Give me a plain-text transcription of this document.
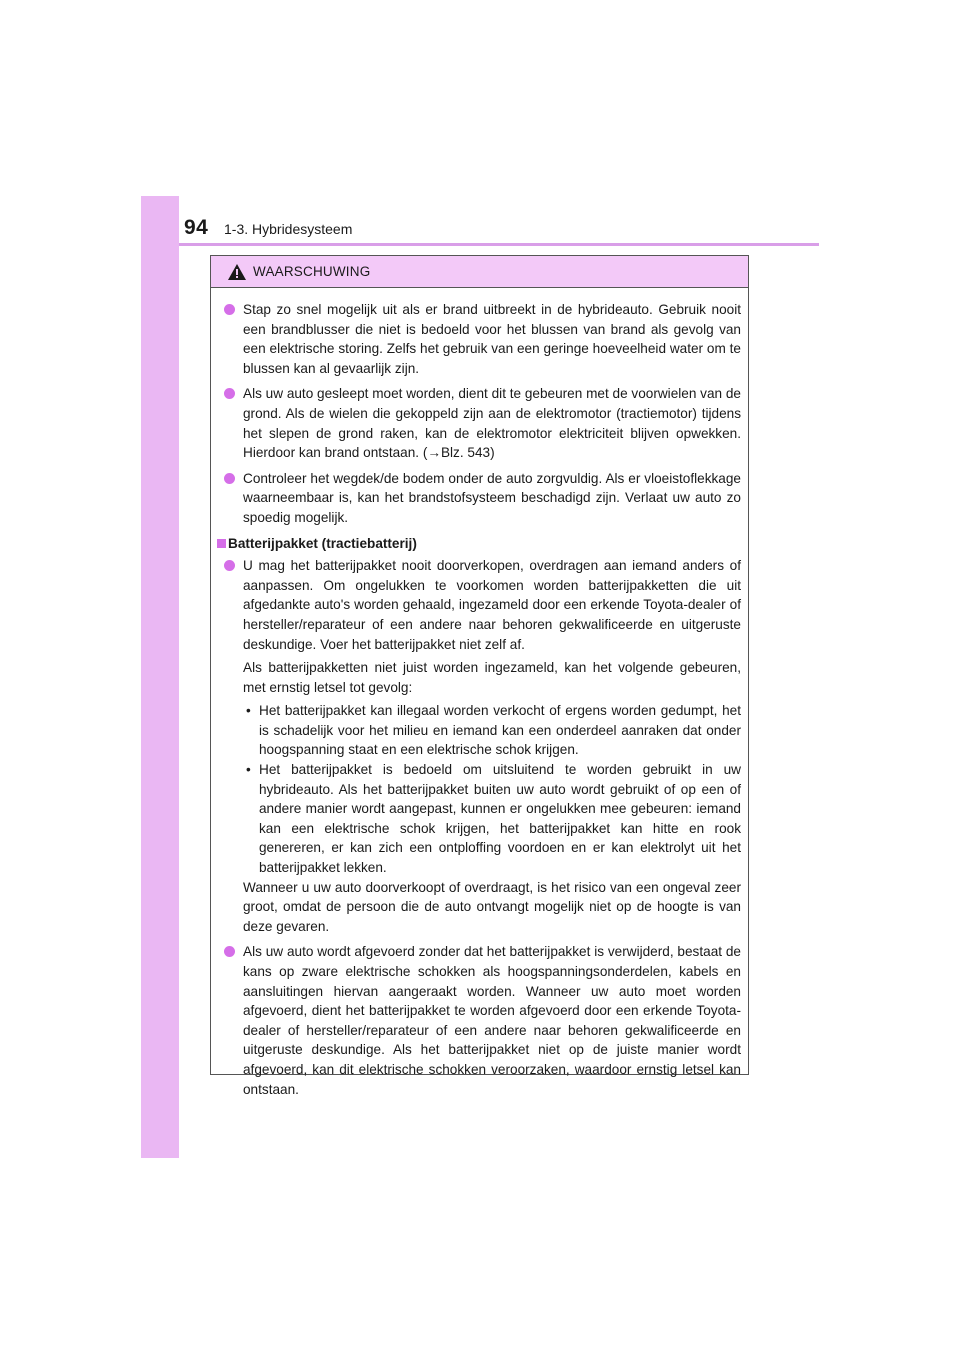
94 1-3. Hybridesysteem
WAARSCHUWING
Stap zo snel mogelijk uit als er brand uitbreekt in de hybrideauto. Gebruik nooit een brandblusser die niet is bedoeld voor het blussen van brand als gevolg van een elektrische storing. Zelfs het gebruik van een geringe hoeveelheid water om te blussen kan al gevaarlijk zijn.
Als uw auto gesleept moet worden, dient dit te gebeuren met de voorwielen van de grond. Als de wielen die gekoppeld zijn aan de elektromotor (tractiemotor) tijdens het slepen de grond raken, kan de elektromotor elektriciteit blijven opwekken. Hierdoor kan brand ontstaan. (→Blz. 543)
Controleer het wegdek/de bodem onder de auto zorgvuldig. Als er vloeistoflekkage waarneembaar is, kan het brandstofsysteem beschadigd zijn. Verlaat uw auto zo spoedig mogelijk.
Batterijpakket (tractiebatterij)
U mag het batterijpakket nooit doorverkopen, overdragen aan iemand anders of aanpassen. Om ongelukken te voorkomen worden batterijpakketten die uit afgedankte auto's worden gehaald, ingezameld door een erkende Toyota-dealer of hersteller/reparateur of een andere naar behoren gekwalificeerde en uitgeruste deskundige. Voer het batterijpakket niet zelf af.
Als batterijpakketten niet juist worden ingezameld, kan het volgende gebeuren, met ernstig letsel tot gevolg:
• Het batterijpakket kan illegaal worden verkocht of ergens worden gedumpt, het is schadelijk voor het milieu en iemand kan een onderdeel aanraken dat onder hoogspanning staat en een elektrische schok krijgen.
• Het batterijpakket is bedoeld om uitsluitend te worden gebruikt in uw hybrideauto. Als het batterijpakket buiten uw auto wordt gebruikt of op een of andere manier wordt aangepast, kunnen er ongelukken mee gebeuren: iemand kan een elektrische schok krijgen, het batterijpakket kan hitte en rook genereren, er kan zich een ontploffing voordoen en er kan elektrolyt uit het batterijpakket lekken.
Wanneer u uw auto doorverkoopt of overdraagt, is het risico van een ongeval zeer groot, omdat de persoon die de auto ontvangt mogelijk niet op de hoogte is van deze gevaren.
Als uw auto wordt afgevoerd zonder dat het batterijpakket is verwijderd, bestaat de kans op zware elektrische schokken als hoogspanningsonderdelen, kabels en aansluitingen hiervan aangeraakt worden. Wanneer uw auto moet worden afgevoerd, dient het batterijpakket te worden afgevoerd door een erkende Toyota-dealer of hersteller/reparateur of een andere naar behoren gekwalificeerde en uitgeruste deskundige. Als het batterijpakket niet op de juiste manier wordt afgevoerd, kan dit elektrische schokken veroorzaken, waardoor ernstig letsel kan ontstaan.
